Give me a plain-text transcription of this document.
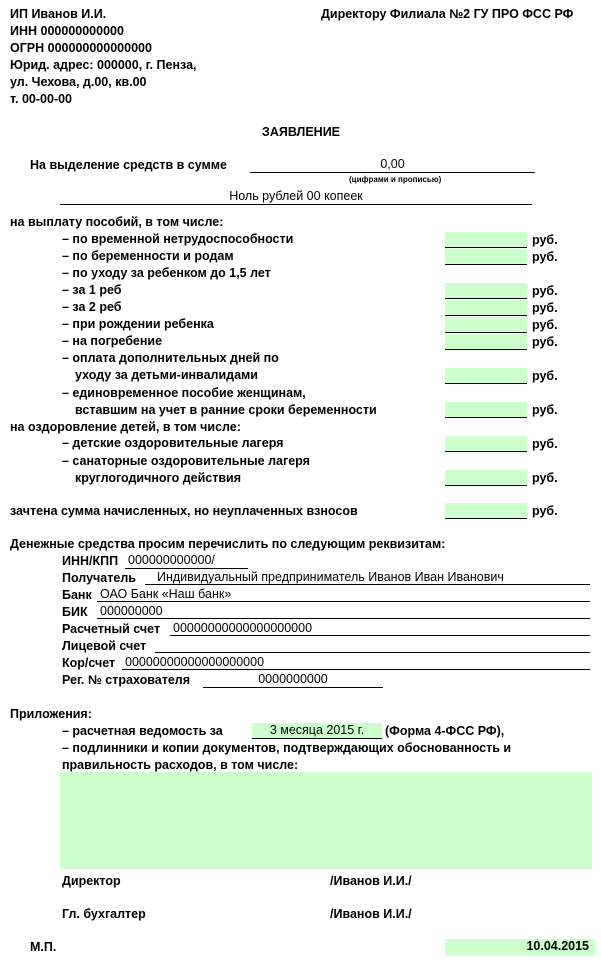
ИП Иванов И.И.
ИНН 000000000000
ОГРН 000000000000000
Юрид. адрес: 000000, г. Пенза,
ул. Чехова, д.00, кв.00
т. 00-00-00
Директору Филиала №2 ГУ ПРО ФСС РФ
ЗАЯВЛЕНИЕ
На выделение средств в сумме	0,00
(цифрами и прописью)
Ноль рублей 00 копеек
на выплату пособий, в том числе:
– по временной нетрудоспособности	руб.
– по беременности и родам	руб.
– по уходу за ребенком до 1,5 лет
– за 1 реб	руб.
– за 2 реб	руб.
– при рождении ребенка	руб.
– на погребение	руб.
– оплата дополнительных дней по
уходу за детьми-инвалидами	руб.
– единовременное пособие женщинам,
вставшим на учет в ранние сроки беременности	руб.
на оздоровление детей, в том числе:
– детские оздоровительные лагеря	руб.
– санаторные оздоровительные лагеря
круглогодичного действия	руб.
зачтена сумма начисленных, но неуплаченных взносов	руб.
Денежные средства просим перечислить по следующим реквизитам:
ИНН/КПП 000000000000/
Получатель	Индивидуальный предприниматель Иванов Иван Иванович
Банк ОАО Банк «Наш банк»
БИК 000000000
Расчетный счет 00000000000000000000
Лицевой счет
Кор/счет 00000000000000000000
Рег. № страхователя	0000000000
Приложения:
– расчетная ведомость за	3 месяца 2015 г.	(Форма 4-ФСС РФ),
– подлинники и копии документов, подтверждающих обоснованность и
правильность расходов, в том числе:
Директор	/Иванов И.И./
Гл. бухгалтер	/Иванов И.И./
М.П.	10.04.2015
